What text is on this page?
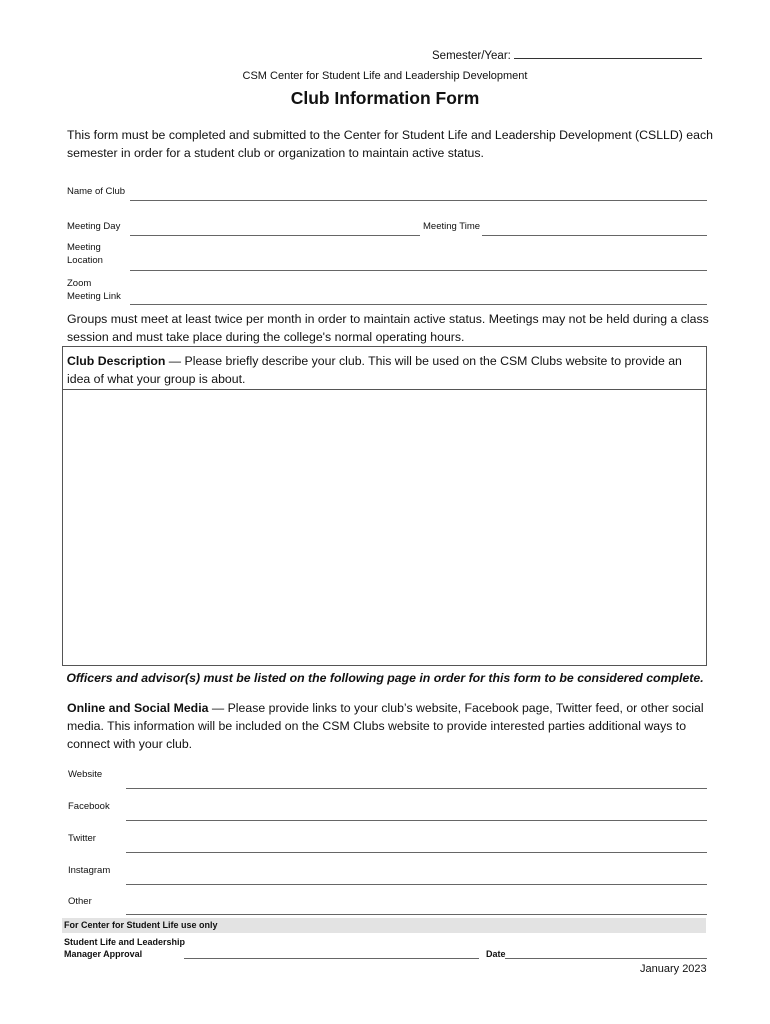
Semester/Year:
CSM Center for Student Life and Leadership Development
Club Information Form
This form must be completed and submitted to the Center for Student Life and Leadership Development (CSLLD) each semester in order for a student club or organization to maintain active status.
Name of Club
Meeting Day	Meeting Time
Meeting
Location
Zoom
Meeting Link
Groups must meet at least twice per month in order to maintain active status. Meetings may not be held during a class session and must take place during the college's normal operating hours.
Club Description — Please briefly describe your club. This will be used on the CSM Clubs website to provide an idea of what your group is about.
Officers and advisor(s) must be listed on the following page in order for this form to be considered complete.
Online and Social Media — Please provide links to your club’s website, Facebook page, Twitter feed, or other social media. This information will be included on the CSM Clubs website to provide interested parties additional ways to connect with your club.
Website
Facebook
Twitter
Instagram
Other
For Center for Student Life use only
Student Life and Leadership
Manager Approval	Date
January 2023
